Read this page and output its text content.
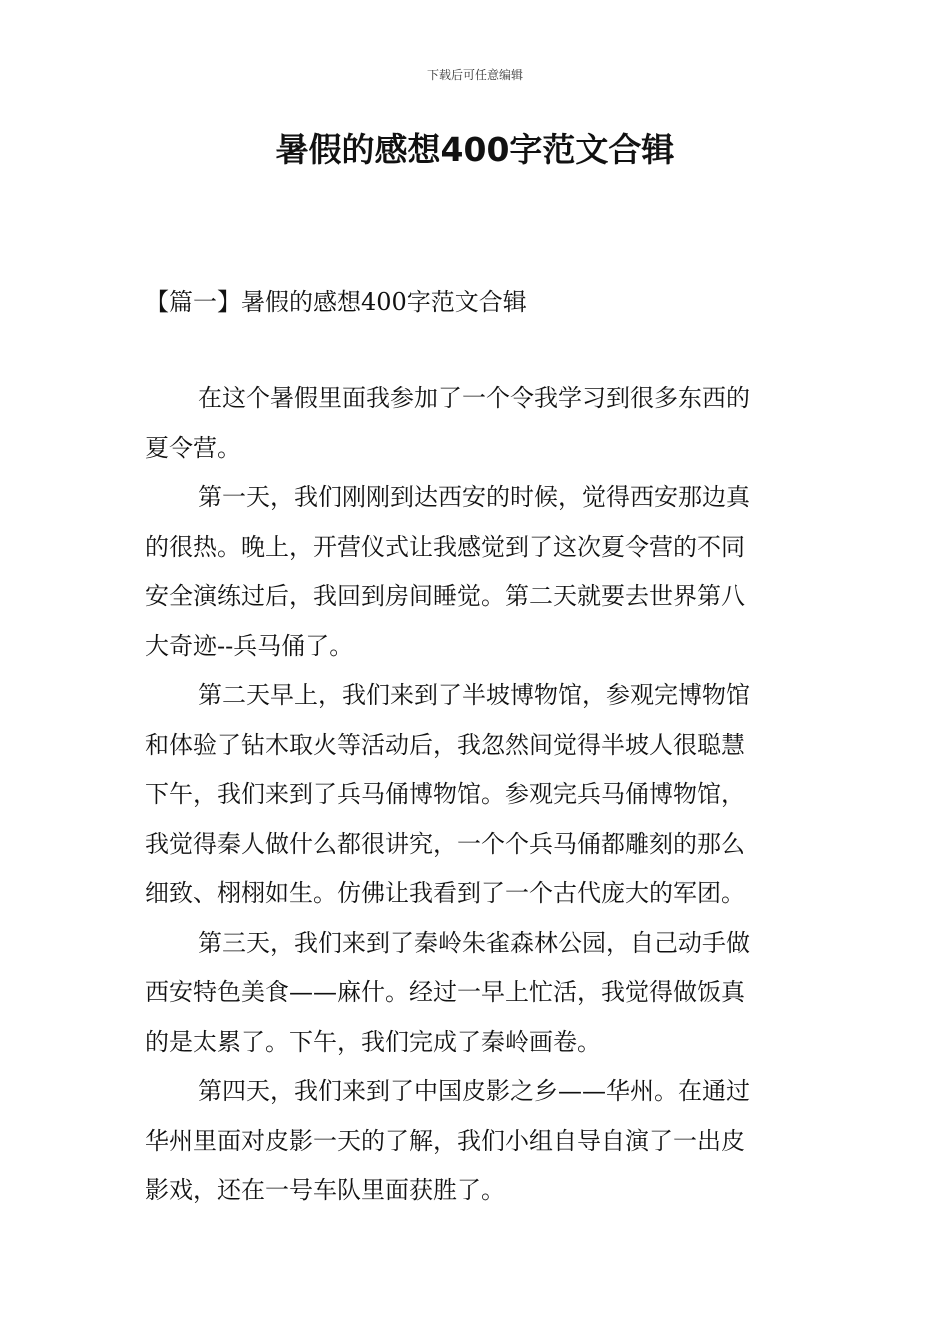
下载后可任意编辑
暑假的感想400字范文合辑
【篇一】暑假的感想400字范文合辑

在这个暑假里面我参加了一个令我学习到很多东西的
夏令营。

第一天，我们刚刚到达西安的时候，觉得西安那边真
的很热。晚上，开营仪式让我感觉到了这次夏令营的不同
安全演练过后，我回到房间睡觉。第二天就要去世界第八
大奇迹--兵马俑了。

第二天早上，我们来到了半坡博物馆，参观完博物馆
和体验了钻木取火等活动后，我忽然间觉得半坡人很聪慧
下午，我们来到了兵马俑博物馆。参观完兵马俑博物馆，
我觉得秦人做什么都很讲究，一个个兵马俑都雕刻的那么
细致、栩栩如生。仿佛让我看到了一个古代庞大的军团。

第三天，我们来到了秦岭朱雀森林公园，自己动手做
西安特色美食——麻什。经过一早上忙活，我觉得做饭真
的是太累了。下午，我们完成了秦岭画卷。

第四天，我们来到了中国皮影之乡——华州。在通过
华州里面对皮影一天的了解，我们小组自导自演了一出皮
影戏，还在一号车队里面获胜了。
